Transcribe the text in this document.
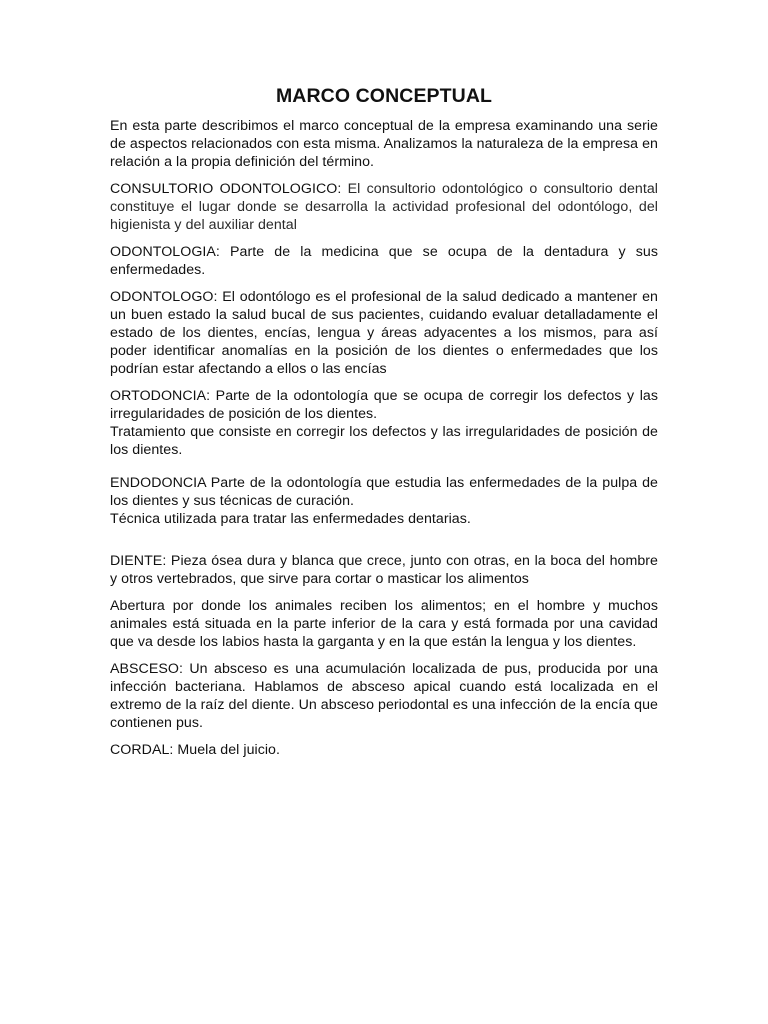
MARCO CONCEPTUAL

En esta parte describimos el marco conceptual de la empresa examinando una serie de aspectos relacionados con esta misma. Analizamos la naturaleza de la empresa en relación a la propia definición del término.

CONSULTORIO ODONTOLOGICO: El consultorio odontológico o consultorio dental constituye el lugar donde se desarrolla la actividad profesional del odontólogo, del higienista y del auxiliar dental

ODONTOLOGIA: Parte de la medicina que se ocupa de la dentadura y sus enfermedades.

ODONTOLOGO: El odontólogo es el profesional de la salud dedicado a mantener en un buen estado la salud bucal de sus pacientes, cuidando evaluar detalladamente el estado de los dientes, encías, lengua y áreas adyacentes a los mismos, para así poder identificar anomalías en la posición de los dientes o enfermedades que los podrían estar afectando a ellos o las encías

ORTODONCIA: Parte de la odontología que se ocupa de corregir los defectos y las irregularidades de posición de los dientes.
Tratamiento que consiste en corregir los defectos y las irregularidades de posición de los dientes.

ENDODONCIA Parte de la odontología que estudia las enfermedades de la pulpa de los dientes y sus técnicas de curación.
Técnica utilizada para tratar las enfermedades dentarias.

DIENTE: Pieza ósea dura y blanca que crece, junto con otras, en la boca del hombre y otros vertebrados, que sirve para cortar o masticar los alimentos

Abertura por donde los animales reciben los alimentos; en el hombre y muchos animales está situada en la parte inferior de la cara y está formada por una cavidad que va desde los labios hasta la garganta y en la que están la lengua y los dientes.

ABSCESO: Un absceso es una acumulación localizada de pus, producida por una infección bacteriana. Hablamos de absceso apical cuando está localizada en el extremo de la raíz del diente. Un absceso periodontal es una infección de la encía que contienen pus.

CORDAL: Muela del juicio.
